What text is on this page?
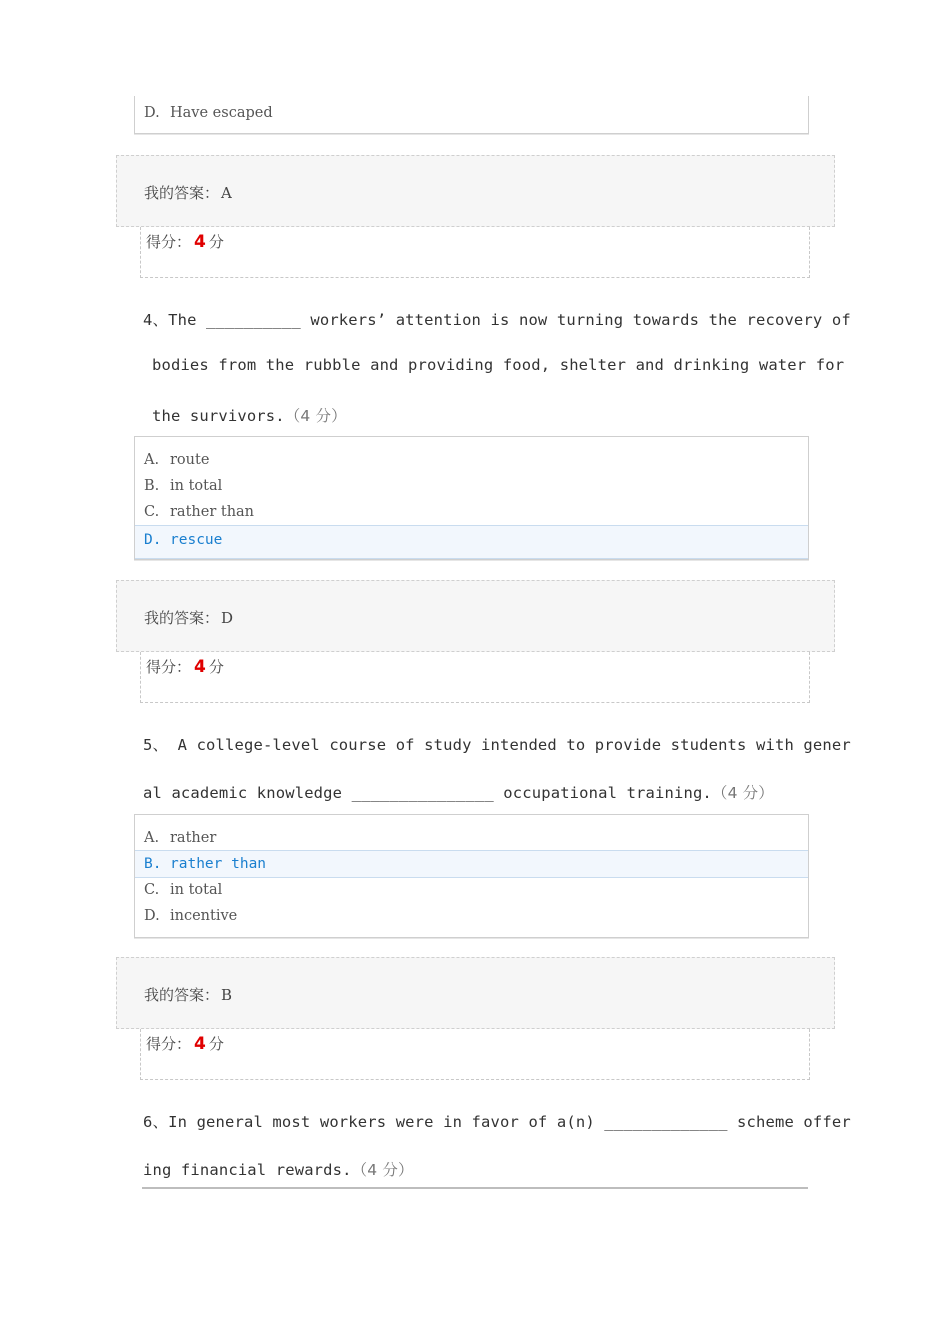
D. Have escaped
我的答案： A
得分： 4 分
4、The __________ workers’ attention is now turning towards the recovery of
bodies from the rubble and providing food, shelter and drinking water for
the survivors.（4 分）
A. route
B. in total
C. rather than
D. rescue
我的答案： D
得分： 4 分
5、 A college-level course of study intended to provide students with gener
al academic knowledge _______________ occupational training.（4 分）
A. rather
B. rather than
C. in total
D. incentive
我的答案： B
得分： 4 分
6、In general most workers were in favor of a(n) _____________ scheme offer
ing financial rewards.（4 分）
